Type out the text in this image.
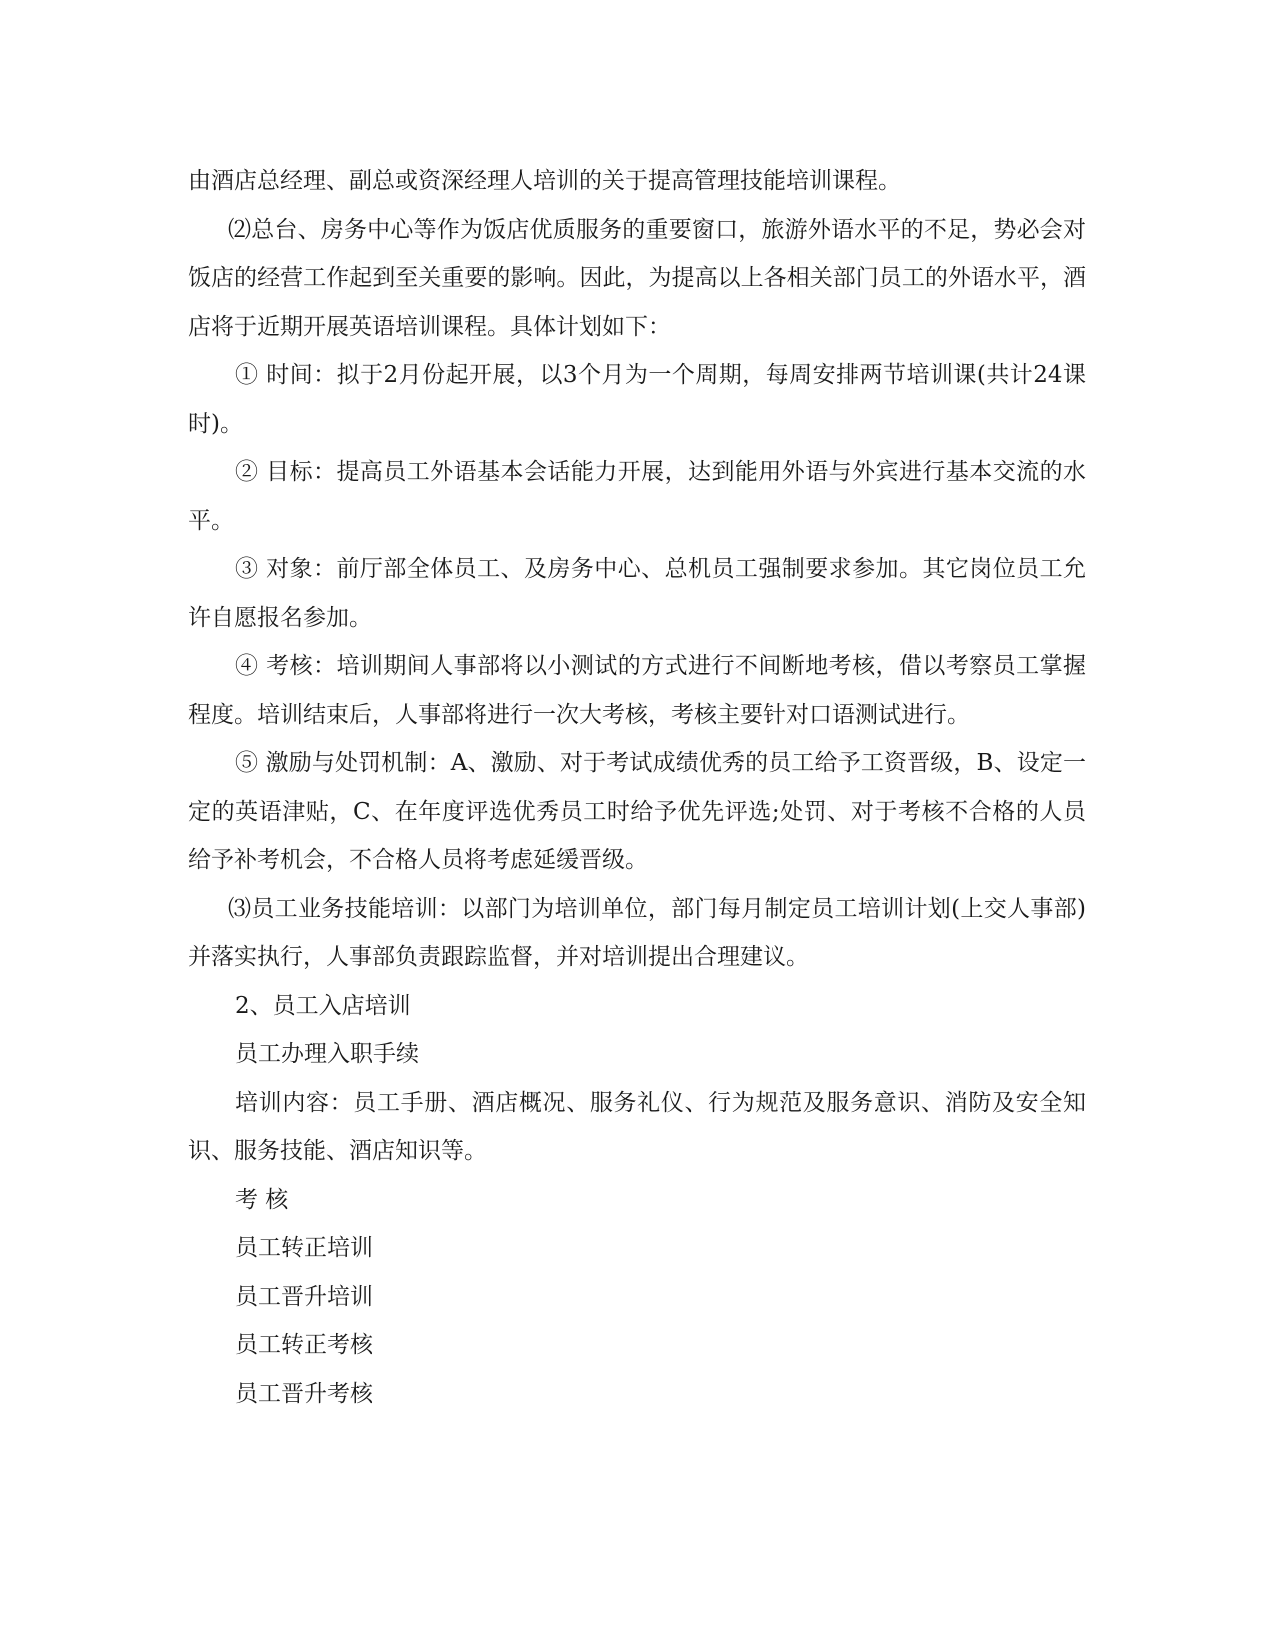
由酒店总经理、副总或资深经理人培训的关于提高管理技能培训课程。

⑵总台、房务中心等作为饭店优质服务的重要窗口，旅游外语水平的不足，势必会对饭店的经营工作起到至关重要的影响。因此，为提高以上各相关部门员工的外语水平，酒店将于近期开展英语培训课程。具体计划如下：

① 时间：拟于2月份起开展，以3个月为一个周期，每周安排两节培训课(共计24课时)。

② 目标：提高员工外语基本会话能力开展，达到能用外语与外宾进行基本交流的水平。

③ 对象：前厅部全体员工、及房务中心、总机员工强制要求参加。其它岗位员工允许自愿报名参加。

④ 考核：培训期间人事部将以小测试的方式进行不间断地考核，借以考察员工掌握程度。培训结束后，人事部将进行一次大考核，考核主要针对口语测试进行。

⑤ 激励与处罚机制：A、激励、对于考试成绩优秀的员工给予工资晋级，B、设定一定的英语津贴，C、在年度评选优秀员工时给予优先评选;处罚、对于考核不合格的人员给予补考机会，不合格人员将考虑延缓晋级。

⑶员工业务技能培训：以部门为培训单位，部门每月制定员工培训计划(上交人事部)并落实执行，人事部负责跟踪监督，并对培训提出合理建议。

2、员工入店培训

员工办理入职手续

培训内容：员工手册、酒店概况、服务礼仪、行为规范及服务意识、消防及安全知识、服务技能、酒店知识等。

考 核

员工转正培训

员工晋升培训

员工转正考核

员工晋升考核
